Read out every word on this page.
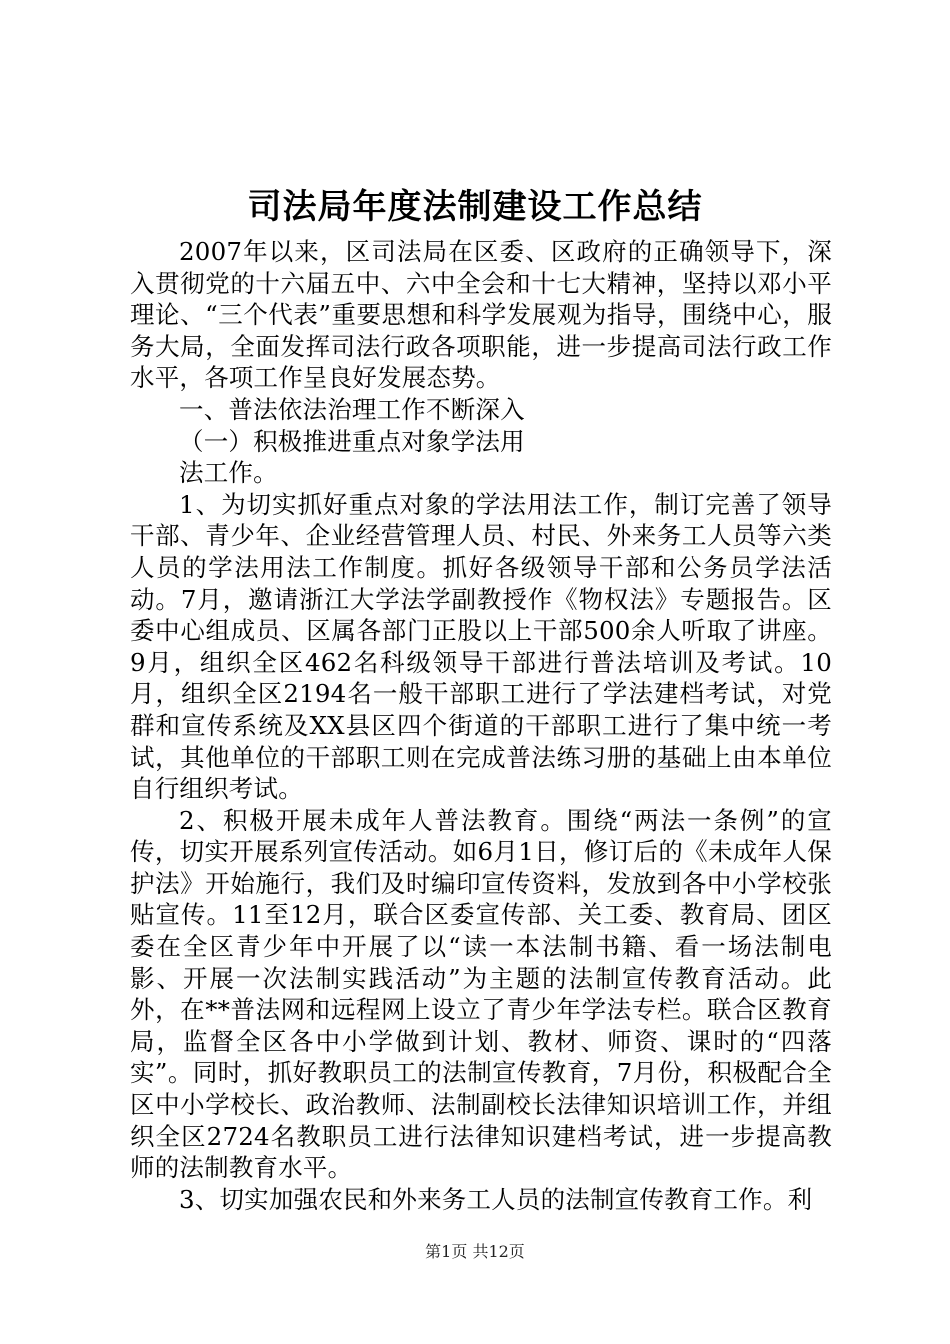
司法局年度法制建设工作总结

2007年以来，区司法局在区委、区政府的正确领导下，深入贯彻党的十六届五中、六中全会和十七大精神，坚持以邓小平理论、“三个代表”重要思想和科学发展观为指导，围绕中心，服务大局，全面发挥司法行政各项职能，进一步提高司法行政工作水平，各项工作呈良好发展态势。

一、普法依法治理工作不断深入

（一）积极推进重点对象学法用

法工作。

1、为切实抓好重点对象的学法用法工作，制订完善了领导干部、青少年、企业经营管理人员、村民、外来务工人员等六类人员的学法用法工作制度。抓好各级领导干部和公务员学法活动。7月，邀请浙江大学法学副教授作《物权法》专题报告。区委中心组成员、区属各部门正股以上干部500余人听取了讲座。9月，组织全区462名科级领导干部进行普法培训及考试。10月，组织全区2194名一般干部职工进行了学法建档考试，对党群和宣传系统及XX县区四个街道的干部职工进行了集中统一考试，其他单位的干部职工则在完成普法练习册的基础上由本单位自行组织考试。

2、积极开展未成年人普法教育。围绕“两法一条例”的宣传，切实开展系列宣传活动。如6月1日，修订后的《未成年人保护法》开始施行，我们及时编印宣传资料，发放到各中小学校张贴宣传。11至12月，联合区委宣传部、关工委、教育局、团区委在全区青少年中开展了以“读一本法制书籍、看一场法制电影、开展一次法制实践活动”为主题的法制宣传教育活动。此外，在**普法网和远程网上设立了青少年学法专栏。联合区教育局，监督全区各中小学做到计划、教材、师资、课时的“四落实”。同时，抓好教职员工的法制宣传教育，7月份，积极配合全区中小学校长、政治教师、法制副校长法律知识培训工作，并组织全区2724名教职员工进行法律知识建档考试，进一步提高教师的法制教育水平。

3、切实加强农民和外来务工人员的法制宣传教育工作。利

第1页 共12页
